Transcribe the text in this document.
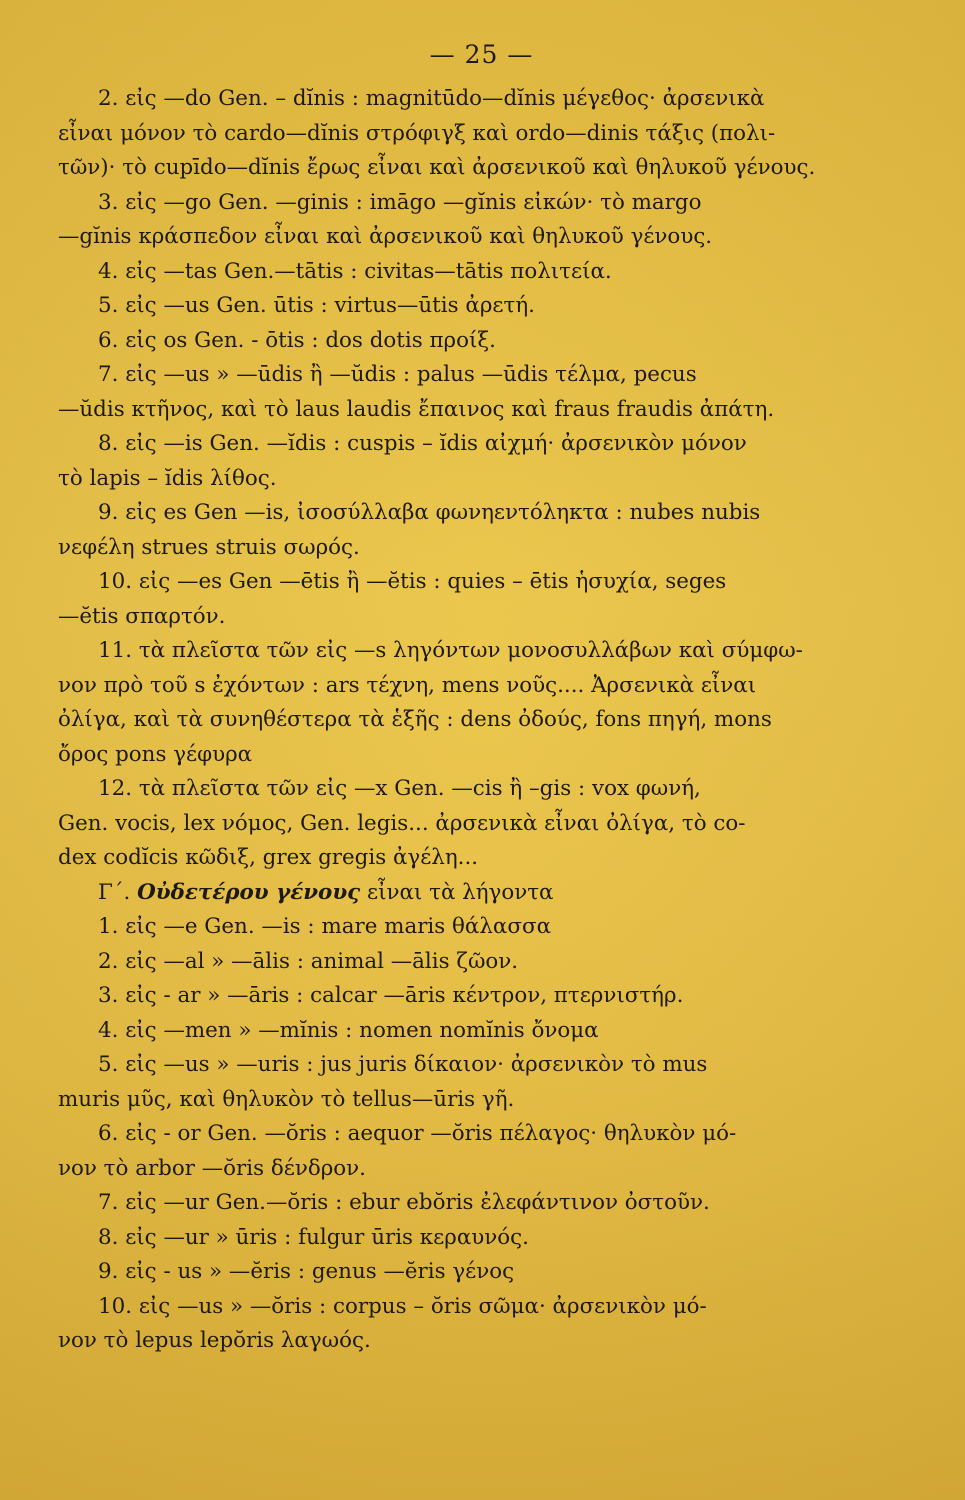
— 25 —
2. εἰς —do Gen. – dĭnis : magnitūdo—dĭnis μέγεθος· ἀρσενικὰ
εἶναι μόνον τὸ cardo—dĭnis στρόφιγξ καὶ ordo—dinis τάξις (πολι-
τῶν)· τὸ cupīdo—dĭnis ἔρως εἶναι καὶ ἀρσενικοῦ καὶ θηλυκοῦ γένους.
3. εἰς —go Gen. —ginis : imāgo —gĭnis εἰκών· τὸ margo
—gĭnis κράσπεδον εἶναι καὶ ἀρσενικοῦ καὶ θηλυκοῦ γένους.
4. εἰς —tas Gen.—tātis : civitas—tātis πολιτεία.
5. εἰς —us Gen. ūtis : virtus—ūtis ἀρετή.
6. εἰς os Gen. - ōtis : dos dotis προίξ.
7. εἰς —us » —ūdis ἢ —ŭdis : palus —ūdis τέλμα, pecus
—ŭdis κτῆνος, καὶ τὸ laus laudis ἔπαινος καὶ fraus fraudis ἀπάτη.
8. εἰς —is Gen. —ĭdis : cuspis – ĭdis αἰχμή· ἀρσενικὸν μόνον
τὸ lapis – ĭdis λίθος.
9. εἰς es Gen —is, ἰσοσύλλαβα φωνηεντόληκτα : nubes nubis
νεφέλη strues struis σωρός.
10. εἰς —es Gen —ētis ἢ —ĕtis : quies – ētis ἡσυχία, seges
—ĕtis σπαρτόν.
11. τὰ πλεῖστα τῶν εἰς —s ληγόντων μονοσυλλάβων καὶ σύμφω-
νον πρὸ τοῦ s ἐχόντων : ars τέχνη, mens νοῦς.... Ἀρσενικὰ εἶναι
ὀλίγα, καὶ τὰ συνηθέστερα τὰ ἑξῆς : dens ὀδούς, fons πηγή, mons
ὄρος pons γέφυρα
12. τὰ πλεῖστα τῶν εἰς —x Gen. —cis ἢ –gis : vox φωνή,
Gen. vocis, lex νόμος, Gen. legis... ἀρσενικὰ εἶναι ὀλίγα, τὸ co-
dex codĭcis κῶδιξ, grex gregis ἀγέλη...
Γ΄. Οὐδετέρου γένους εἶναι τὰ λήγοντα
1. εἰς —e Gen. —is : mare maris θάλασσα
2. εἰς —al » —ālis : animal —ālis ζῶον.
3. εἰς - ar » —āris : calcar —āris κέντρον, πτερνιστήρ.
4. εἰς —men » —mĭnis : nomen nomĭnis ὄνομα
5. εἰς —us » —uris : jus juris δίκαιον· ἀρσενικὸν τὸ mus
muris μῦς, καὶ θηλυκὸν τὸ tellus—ūris γῆ.
6. εἰς - or Gen. —ŏris : aequor —ŏris πέλαγος· θηλυκὸν μό-
νον τὸ arbor —ŏris δένδρον.
7. εἰς —ur Gen.—ŏris : ebur ebŏris ἐλεφάντινον ὀστοῦν.
8. εἰς —ur » ūris : fulgur ūris κεραυνός.
9. εἰς - us » —ĕris : genus —ĕris γένος
10. εἰς —us » —ŏris : corpus – ŏris σῶμα· ἀρσενικὸν μό-
νον τὸ lepus lepŏris λαγωός.
